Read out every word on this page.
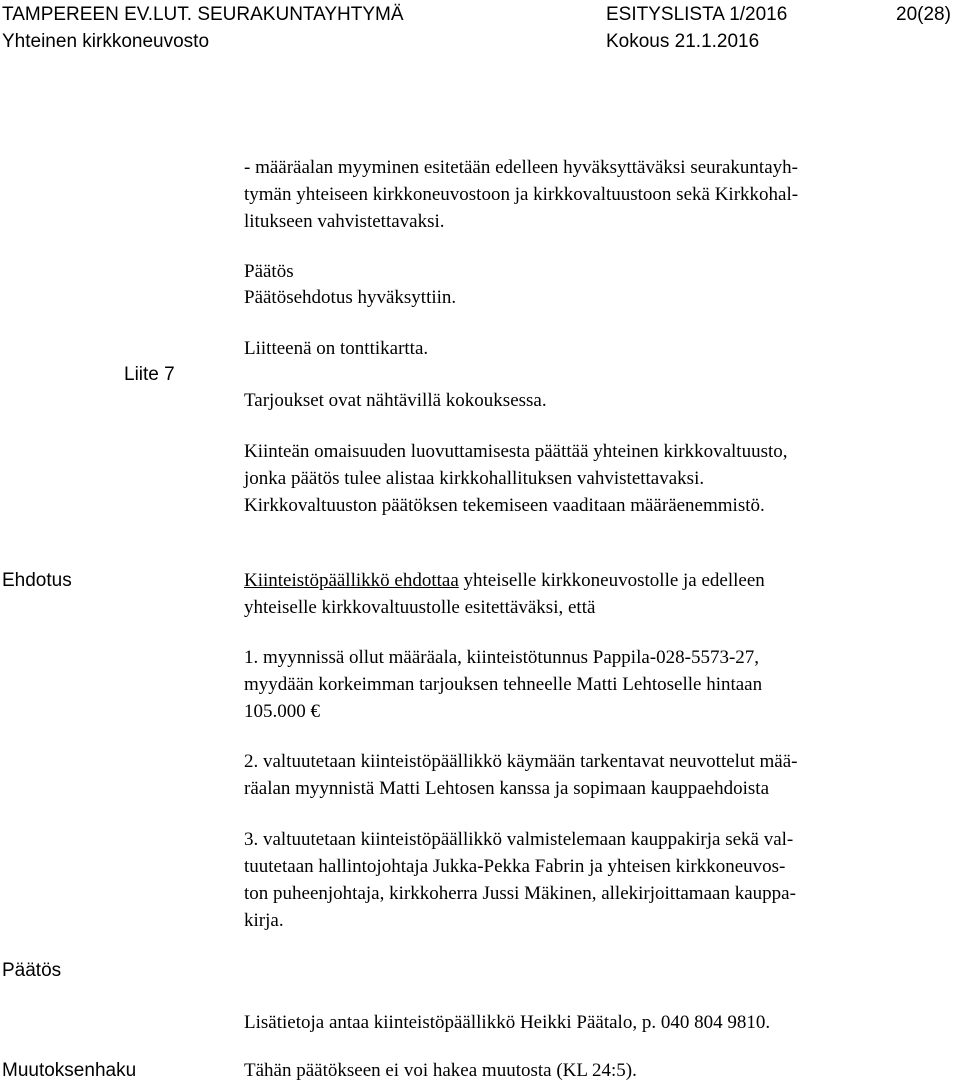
TAMPEREEN EV.LUT. SEURAKUNTAYHTYMÄ	ESITYSLISTA 1/2016	20(28)
Yhteinen kirkkoneuvosto	Kokous 21.1.2016
- määräalan myyminen esitetään edelleen hyväksyttäväksi seurakuntayh-
tymän yhteiseen kirkkoneuvostoon ja kirkkovaltuustoon sekä Kirkkohal-
litukseen vahvistettavaksi.
Päätös
Päätösehdotus hyväksyttiin.
Liite 7
Liitteenä on tonttikartta.
Tarjoukset ovat nähtävillä kokouksessa.
Kiinteän omaisuuden luovuttamisesta päättää yhteinen kirkkovaltuusto,
jonka päätös tulee alistaa kirkkohallituksen vahvistettavaksi.
Kirkkovaltuuston päätöksen tekemiseen vaaditaan määräenemmistö.
Ehdotus	Kiinteistöpäällikkö ehdottaa yhteiselle kirkkoneuvostolle ja edelleen
yhteiselle kirkkovaltuustolle esitettäväksi, että
1. myynnissä ollut määräala, kiinteistötunnus Pappila-028-5573-27,
myydään korkeimman tarjouksen tehneelle Matti Lehtoselle hintaan
105.000 €
2. valtuutetaan kiinteistöpäällikkö käymään tarkentavat neuvottelut mää-
räalan myynnistä Matti Lehtosen kanssa ja sopimaan kauppaehdoista
3. valtuutetaan kiinteistöpäällikkö valmistelemaan kauppakirja sekä val-
tuutetaan hallintojohtaja Jukka-Pekka Fabrin ja yhteisen kirkkoneuvos-
ton puheenjohtaja, kirkkoherra Jussi Mäkinen, allekirjoittamaan kauppa-
kirja.
Päätös
Lisätietoja antaa kiinteistöpäällikkö Heikki Päätalo, p. 040 804 9810.
Muutoksenhaku	Tähän päätökseen ei voi hakea muutosta (KL 24:5).
